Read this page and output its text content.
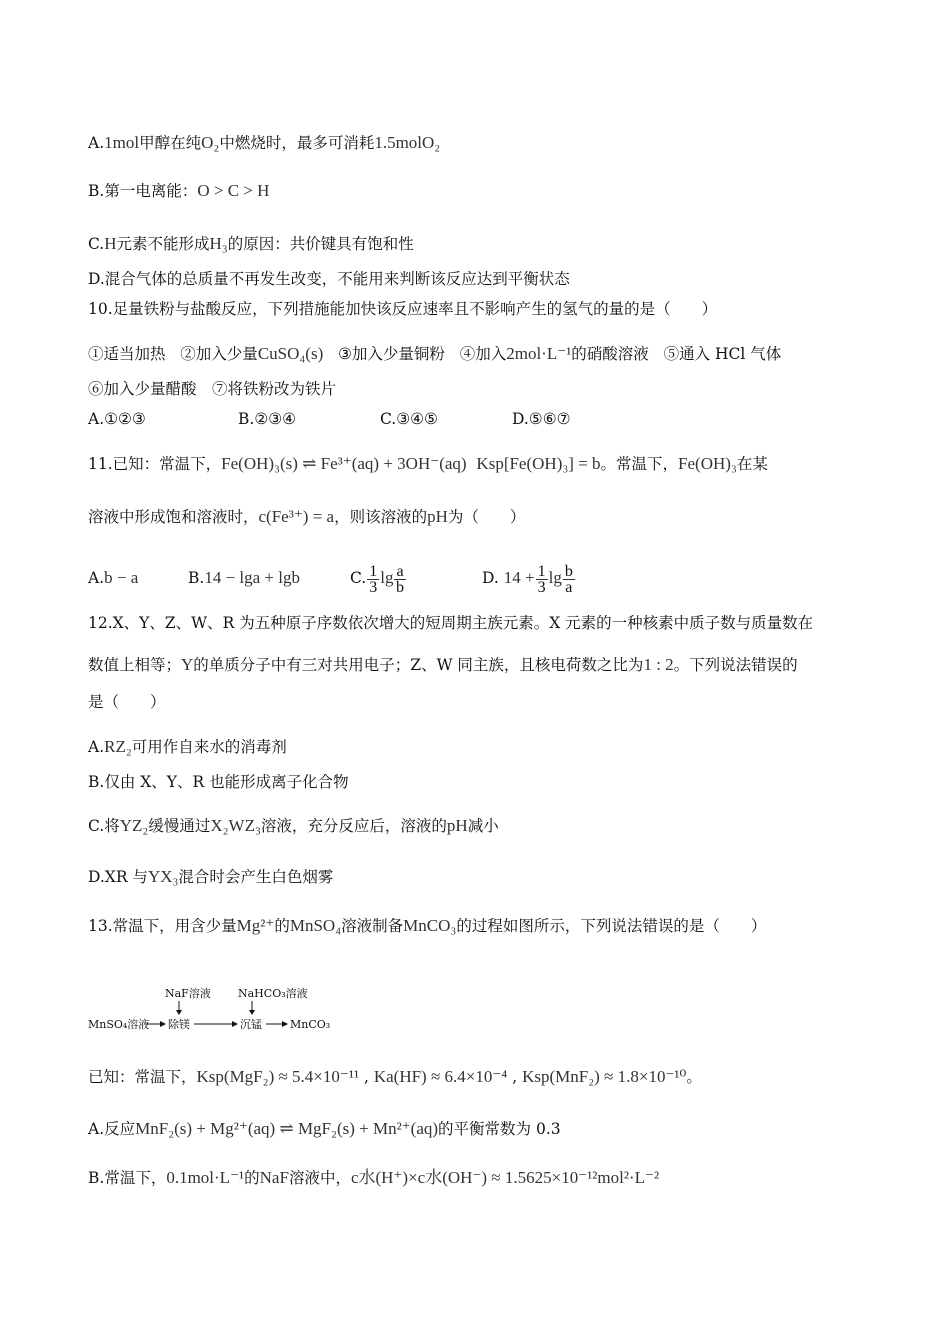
A.1mol甲醇在纯O₂中燃烧时，最多可消耗1.5molO₂
B.第一电离能：O > C > H
C.H元素不能形成H₃的原因：共价键具有饱和性
D.混合气体的总质量不再发生改变，不能用来判断该反应达到平衡状态
10.足量铁粉与盐酸反应，下列措施能加快该反应速率且不影响产生的氢气的量的是（　　）
①适当加热 ②加入少量CuSO₄(s) ③加入少量铜粉 ④加入2mol·L⁻¹的硝酸溶液 ⑤通入 HCl 气体
⑥加入少量醋酸　⑦将铁粉改为铁片
A.①②③	B.②③④	C.③④⑤	D.⑤⑥⑦
11.已知：常温下，Fe(OH)₃(s) ⇌ Fe³⁺(aq) + 3OH⁻(aq) Ksp[Fe(OH)₃] = b。常温下，Fe(OH)₃在某
溶液中形成饱和溶液时，c(Fe³⁺) = a，则该溶液的pH为（　　）
A.b − a	B.14 − lga + lgb	C. $\frac{1}{3}$ $\lg \frac{a}{b}$	D. $14 + \frac{1}{3}$ $\lg \frac{b}{a}$
12.X、Y、Z、W、R 为五种原子序数依次增大的短周期主族元素。X 元素的一种核素中质子数与质量数在
数值上相等；Y的单质分子中有三对共用电子；Z、W 同主族，且核电荷数之比为1 : 2。下列说法错误的
是（　　）
A.RZ₂可用作自来水的消毒剂
B.仅由 X、Y、R 也能形成离子化合物
C.将YZ₂缓慢通过X₂WZ₃溶液，充分反应后，溶液的pH减小
D.XR 与YX₃混合时会产生白色烟雾
13.常温下，用含少量Mg²⁺的MnSO₄溶液制备MnCO₃的过程如图所示，下列说法错误的是（　　）
NaF溶液 NaHCO₃溶液
MnSO₄溶液 除镁	沉锰	MnCO₃
已知：常温下，Ksp(MgF₂) ≈ 5.4×10⁻¹¹ , Ka(HF) ≈ 6.4×10⁻⁴ , Ksp(MnF₂) ≈ 1.8×10⁻¹⁰。
A.反应MnF₂(s) + Mg²⁺(aq) ⇌ MgF₂(s) + Mn²⁺(aq)的平衡常数为 0.3
B.常温下，0.1mol·L⁻¹的NaF溶液中，c水(H⁺)×c水(OH⁻) ≈ 1.5625×10⁻¹²mol²·L⁻²
